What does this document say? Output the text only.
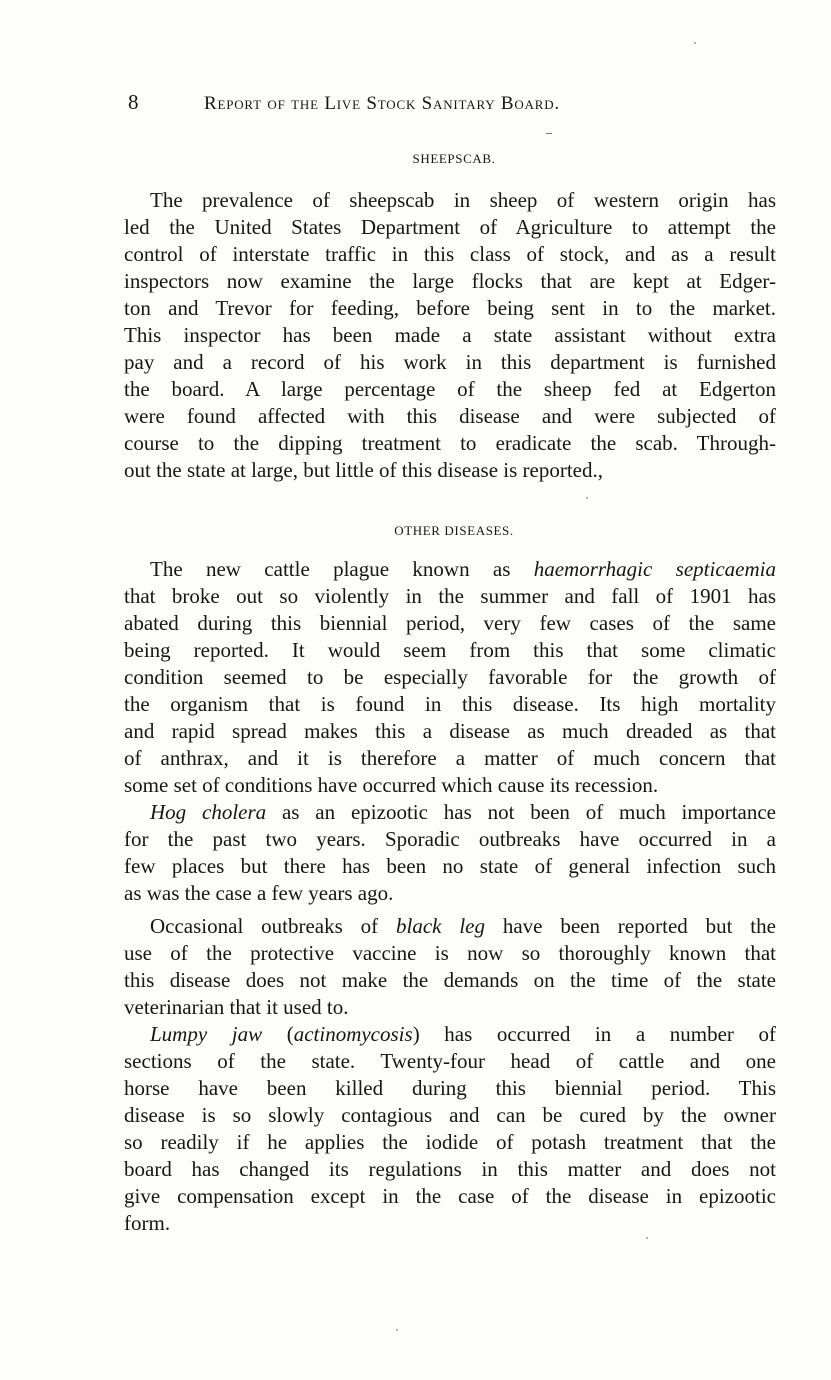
8	Report of the Live Stock Sanitary Board.
SHEEPSCAB.
The prevalence of sheepscab in sheep of western origin has
led the United States Department of Agriculture to attempt the
control of interstate traffic in this class of stock, and as a result
inspectors now examine the large flocks that are kept at Edger-
ton and Trevor for feeding, before being sent in to the market.
This inspector has been made a state assistant without extra
pay and a record of his work in this department is furnished
the board. A large percentage of the sheep fed at Edgerton
were found affected with this disease and were subjected of
course to the dipping treatment to eradicate the scab. Through-
out the state at large, but little of this disease is reported.,
OTHER DISEASES.
The new cattle plague known as haemorrhagic septicaemia
that broke out so violently in the summer and fall of 1901 has
abated during this biennial period, very few cases of the same
being reported. It would seem from this that some climatic
condition seemed to be especially favorable for the growth of
the organism that is found in this disease. Its high mortality
and rapid spread makes this a disease as much dreaded as that
of anthrax, and it is therefore a matter of much concern that
some set of conditions have occurred which cause its recession.
Hog cholera as an epizootic has not been of much importance
for the past two years. Sporadic outbreaks have occurred in a
few places but there has been no state of general infection such
as was the case a few years ago.
Occasional outbreaks of black leg have been reported but the
use of the protective vaccine is now so thoroughly known that
this disease does not make the demands on the time of the state
veterinarian that it used to.
Lumpy jaw (actinomycosis) has occurred in a number of
sections of the state. Twenty-four head of cattle and one
horse have been killed during this biennial period. This
disease is so slowly contagious and can be cured by the owner
so readily if he applies the iodide of potash treatment that the
board has changed its regulations in this matter and does not
give compensation except in the case of the disease in epizootic
form.
